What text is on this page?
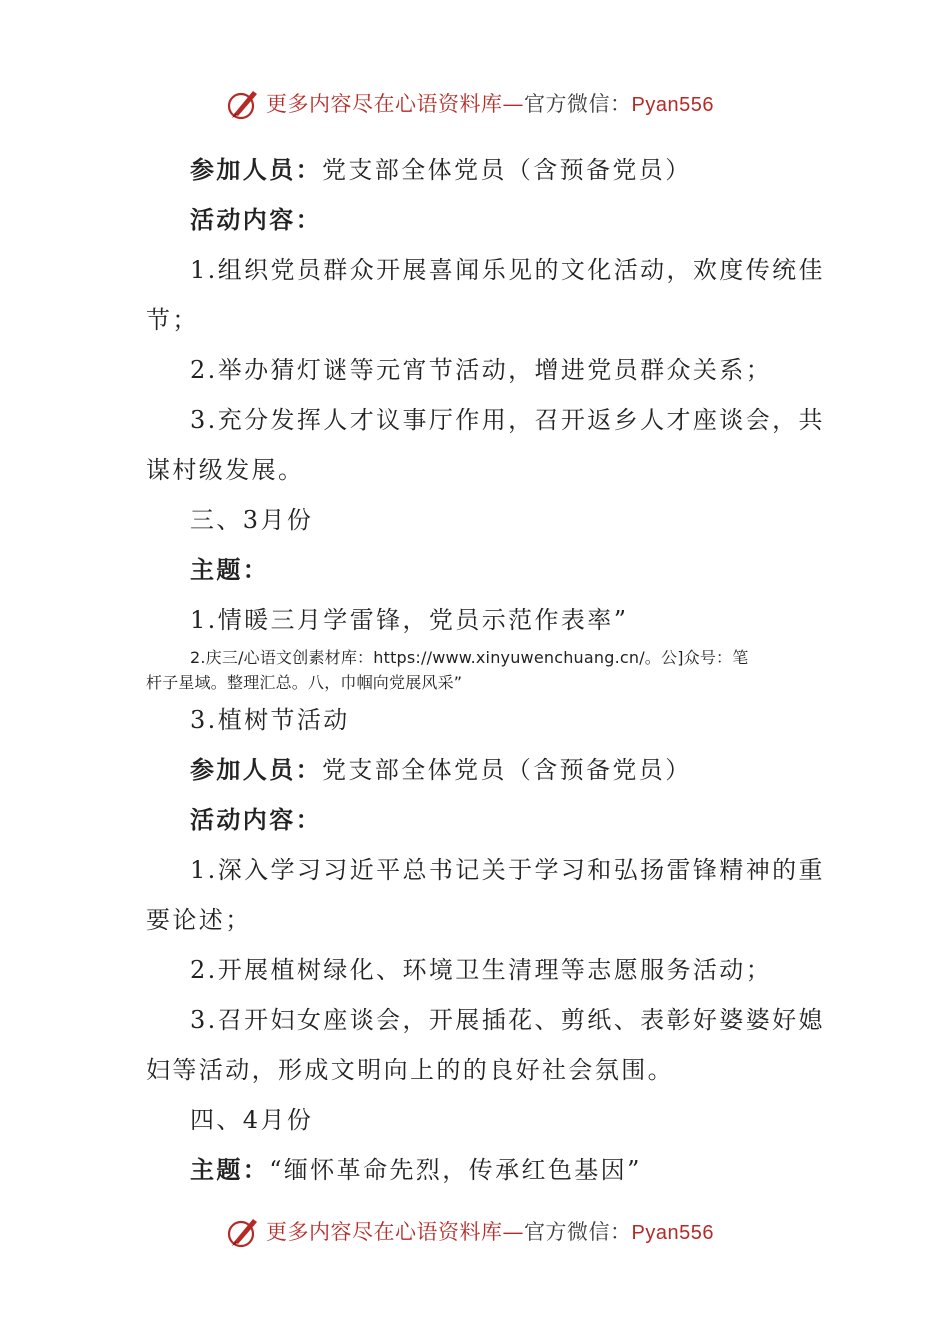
更多内容尽在心语资料库—官方微信：Pyan556
参加人员：党支部全体党员（含预备党员）
活动内容：
1.组织党员群众开展喜闻乐见的文化活动，欢度传统佳
节；
2.举办猜灯谜等元宵节活动，增进党员群众关系；
3.充分发挥人才议事厅作用，召开返乡人才座谈会，共
谋村级发展。
三、3月份
主题：
1.情暖三月学雷锋，党员示范作表率”
2.庆三/心语文创素材库：https://www.xinyuwenchuang.cn/。公]众号：笔
杆子星域。整理汇总。八，巾帼向党展风采”
3.植树节活动
参加人员：党支部全体党员（含预备党员）
活动内容：
1.深入学习习近平总书记关于学习和弘扬雷锋精神的重
要论述；
2.开展植树绿化、环境卫生清理等志愿服务活动；
3.召开妇女座谈会，开展插花、剪纸、表彰好婆婆好媳
妇等活动，形成文明向上的的良好社会氛围。
四、4月份
主题：“缅怀革命先烈，传承红色基因”
更多内容尽在心语资料库—官方微信：Pyan556
